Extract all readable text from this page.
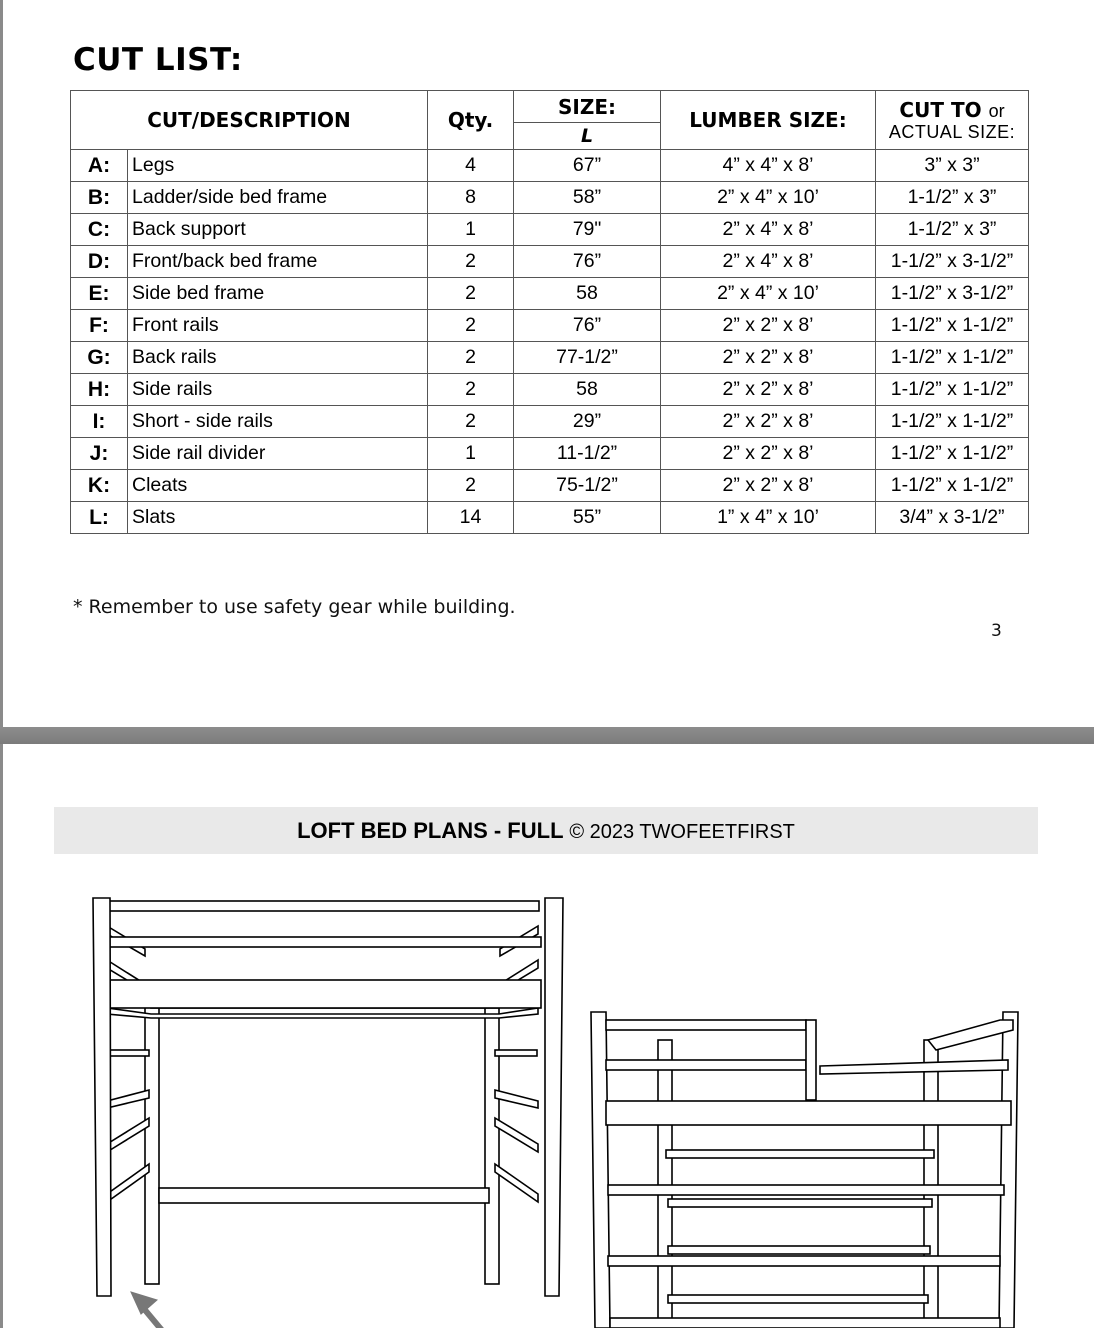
CUT LIST:
CUT/DESCRIPTION		Qty.	SIZE:	LUMBER SIZE:	CUT TO or
ACTUAL SIZE:

			L		
A:	Legs	4	67”	4” x 4” x 8’	3” x 3”
B:	Ladder/side bed frame	8	58”	2” x 4” x 10’	1-1/2” x 3”
C:	Back support	1	79"	2” x 4” x 8’	1-1/2” x 3”
D:	Front/back bed frame	2	76”	2” x 4” x 8’	1-1/2” x 3-1/2”
E:	Side bed frame	2	58	2” x 4” x 10’	1-1/2” x 3-1/2”
F:	Front rails	2	76”	2” x 2” x 8’	1-1/2” x 1-1/2”
G:	Back rails	2	77-1/2”	2” x 2” x 8’	1-1/2” x 1-1/2”
H:	Side rails	2	58	2” x 2” x 8’	1-1/2” x 1-1/2”
I:	Short - side rails	2	29”	2” x 2” x 8’	1-1/2” x 1-1/2”
J:	Side rail divider	1	11-1/2”	2” x 2” x 8’	1-1/2” x 1-1/2”
K:	Cleats	2	75-1/2”	2” x 2” x 8’	1-1/2” x 1-1/2”
L:	Slats	14	55”	1” x 4” x 10’	3/4” x 3-1/2”
* Remember to use safety gear while building.
3
LOFT BED PLANS - FULL © 2023 TWOFEETFIRST
